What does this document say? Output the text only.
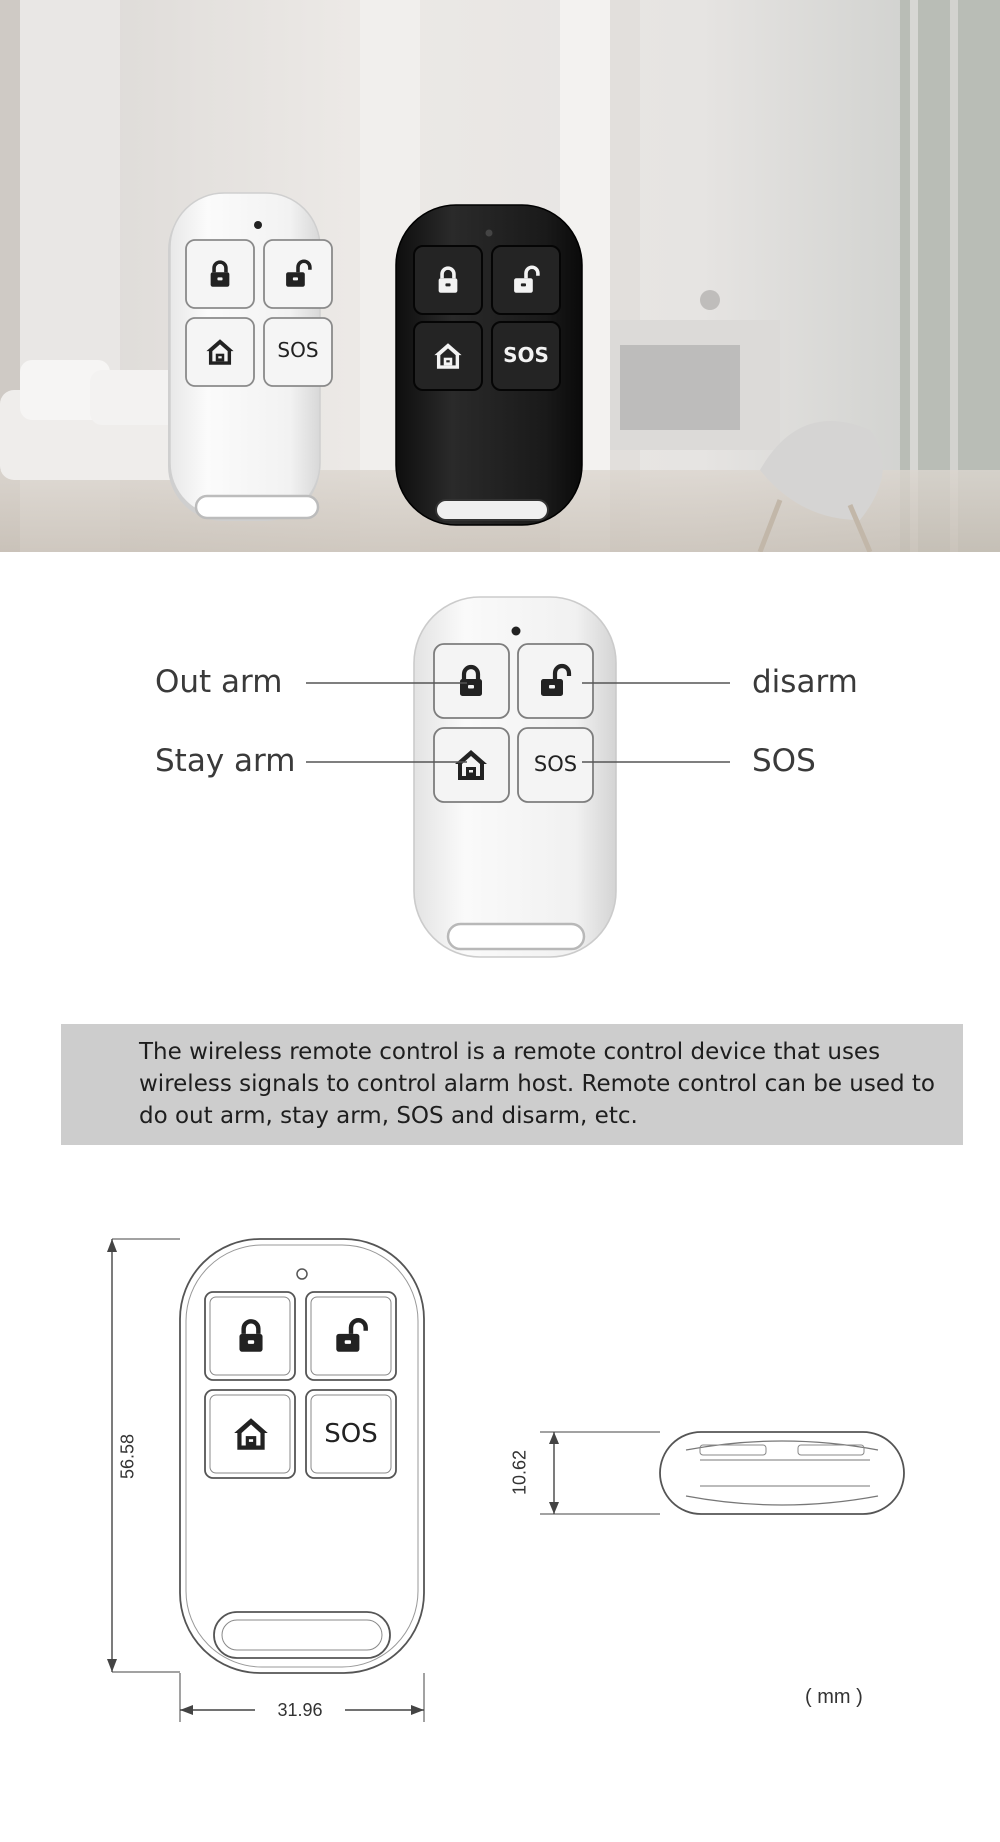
SOS	SOS
Out arm
Stay arm
disarm
SOS
SOS

The wireless remote control is a remote control device that uses wireless signals to control alarm host. Remote control can be used to do out arm, stay arm, SOS and disarm, etc.

SOS
56.58
31.96
10.62
( mm )
